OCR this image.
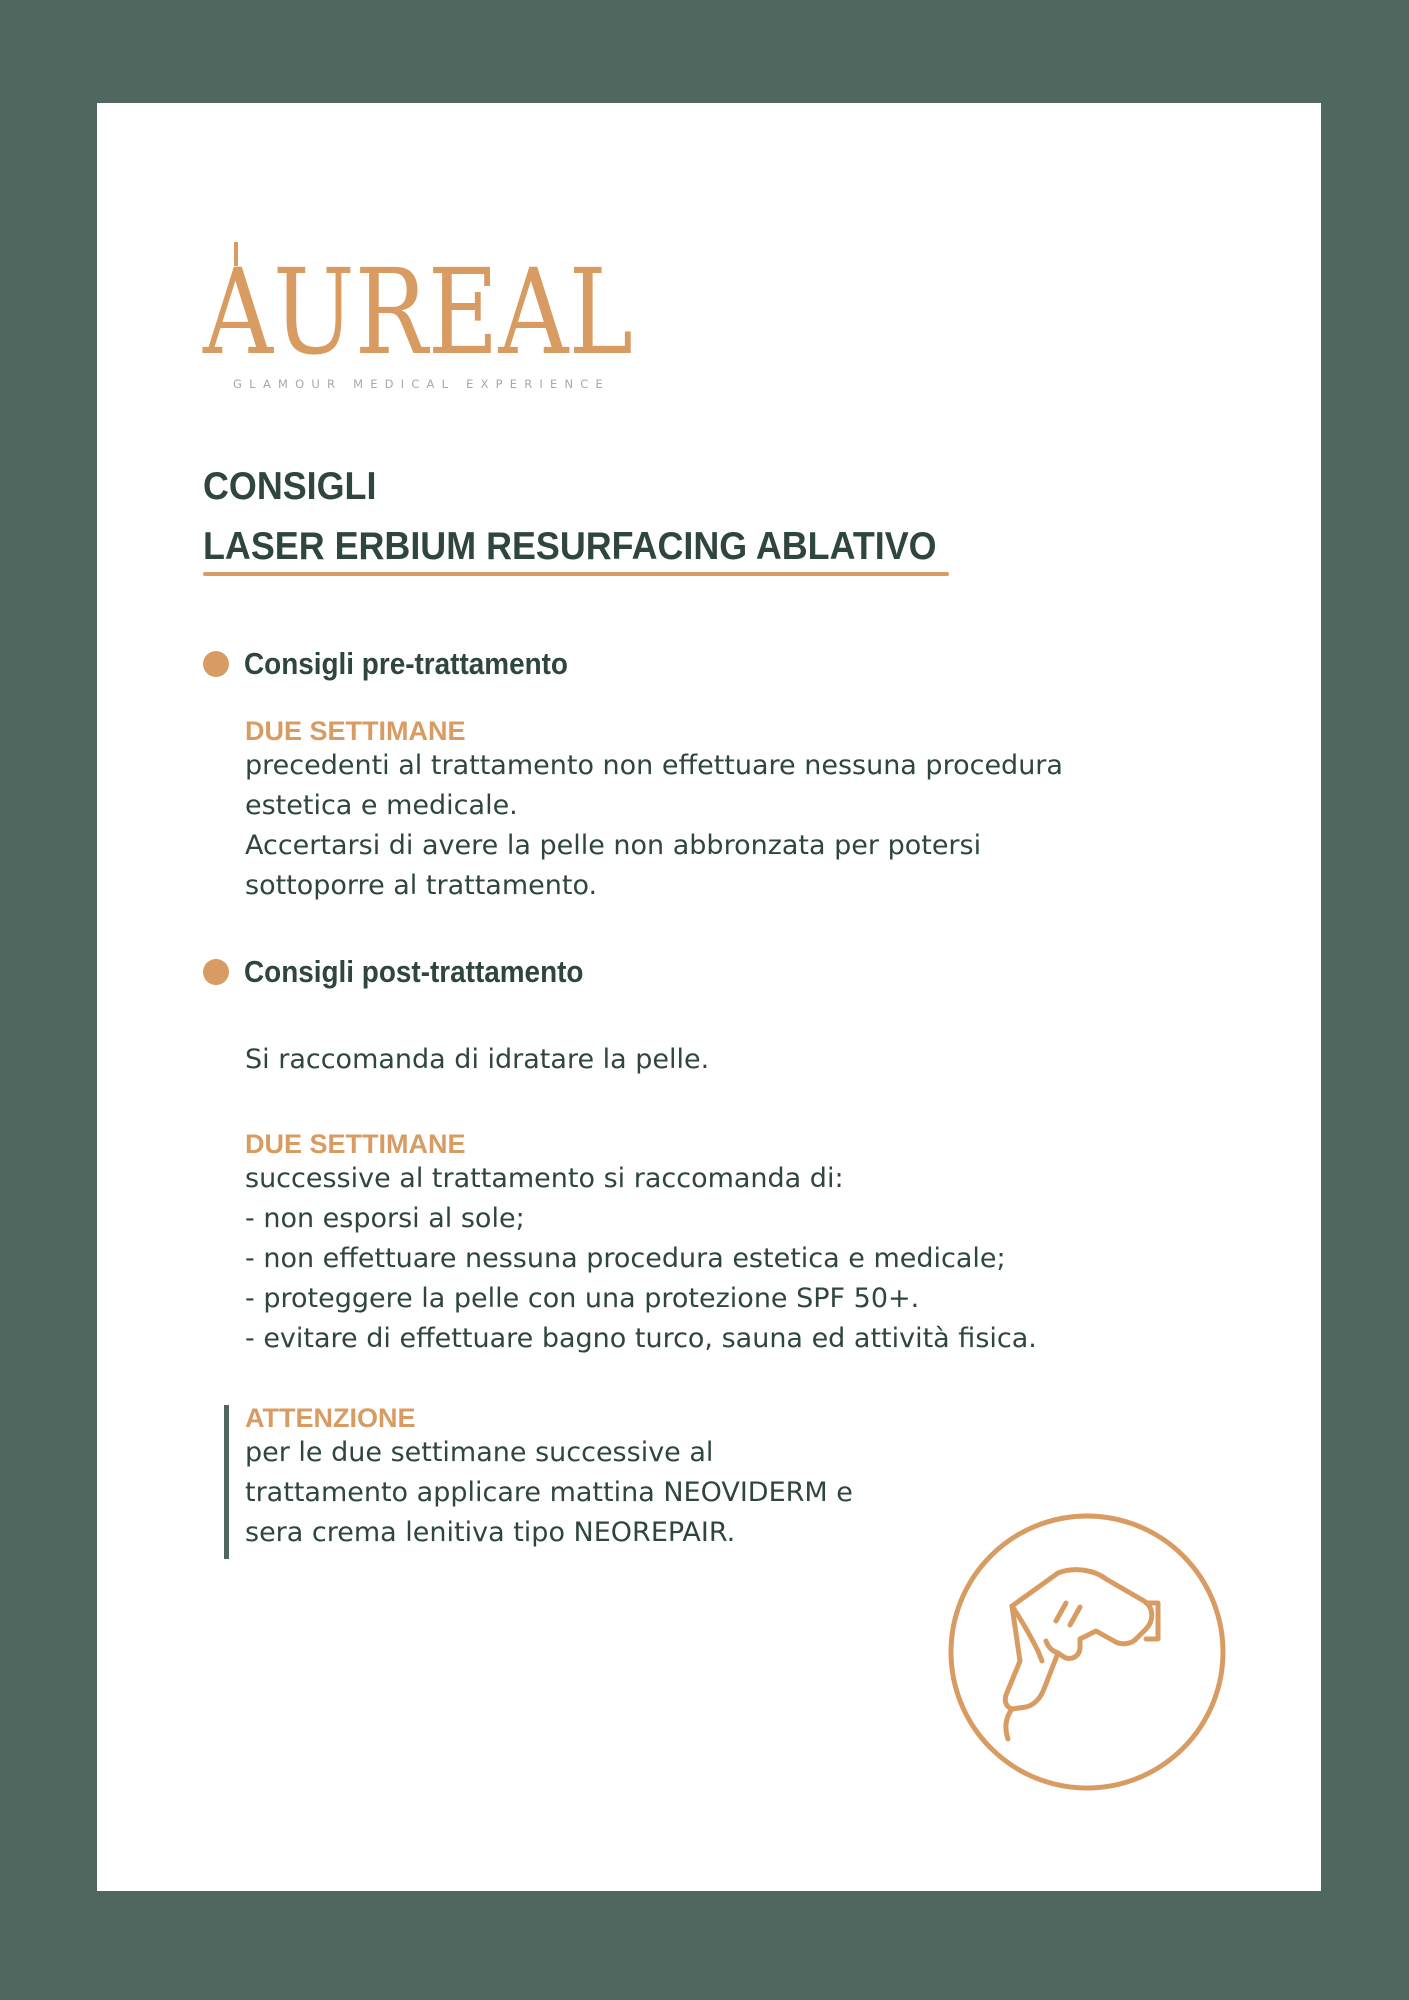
AUREAL
GLAMOUR MEDICAL EXPERIENCE
CONSIGLI
LASER ERBIUM RESURFACING ABLATIVO
Consigli pre-trattamento
DUE SETTIMANE
precedenti al trattamento non effettuare nessuna procedura
estetica e medicale.
Accertarsi di avere la pelle non abbronzata per potersi
sottoporre al trattamento.
Consigli post-trattamento
Si raccomanda di idratare la pelle.
DUE SETTIMANE
successive al trattamento si raccomanda di:
- non esporsi al sole;
- non effettuare nessuna procedura estetica e medicale;
- proteggere la pelle con una protezione SPF 50+.
- evitare di effettuare bagno turco, sauna ed attività fisica.
ATTENZIONE
per le due settimane successive al
trattamento applicare mattina NEOVIDERM e
sera crema lenitiva tipo NEOREPAIR.
